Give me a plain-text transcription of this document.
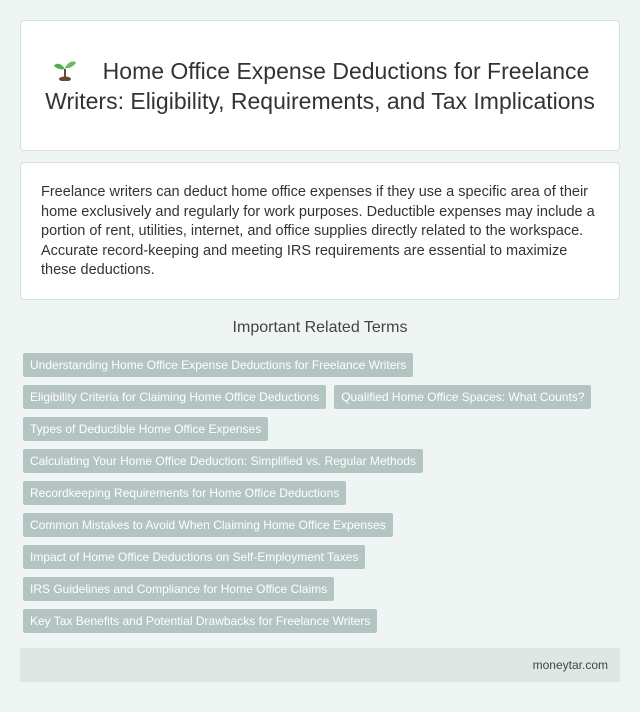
Home Office Expense Deductions for Freelance Writers: Eligibility, Requirements, and Tax Implications

Freelance writers can deduct home office expenses if they use a specific area of their home exclusively and regularly for work purposes. Deductible expenses may include a portion of rent, utilities, internet, and office supplies directly related to the workspace. Accurate record-keeping and meeting IRS requirements are essential to maximize these deductions.

Important Related Terms
Understanding Home Office Expense Deductions for Freelance Writers
Eligibility Criteria for Claiming Home Office Deductions	Qualified Home Office Spaces: What Counts?
Types of Deductible Home Office Expenses
Calculating Your Home Office Deduction: Simplified vs. Regular Methods
Recordkeeping Requirements for Home Office Deductions
Common Mistakes to Avoid When Claiming Home Office Expenses
Impact of Home Office Deductions on Self-Employment Taxes
IRS Guidelines and Compliance for Home Office Claims
Key Tax Benefits and Potential Drawbacks for Freelance Writers
moneytar.com
